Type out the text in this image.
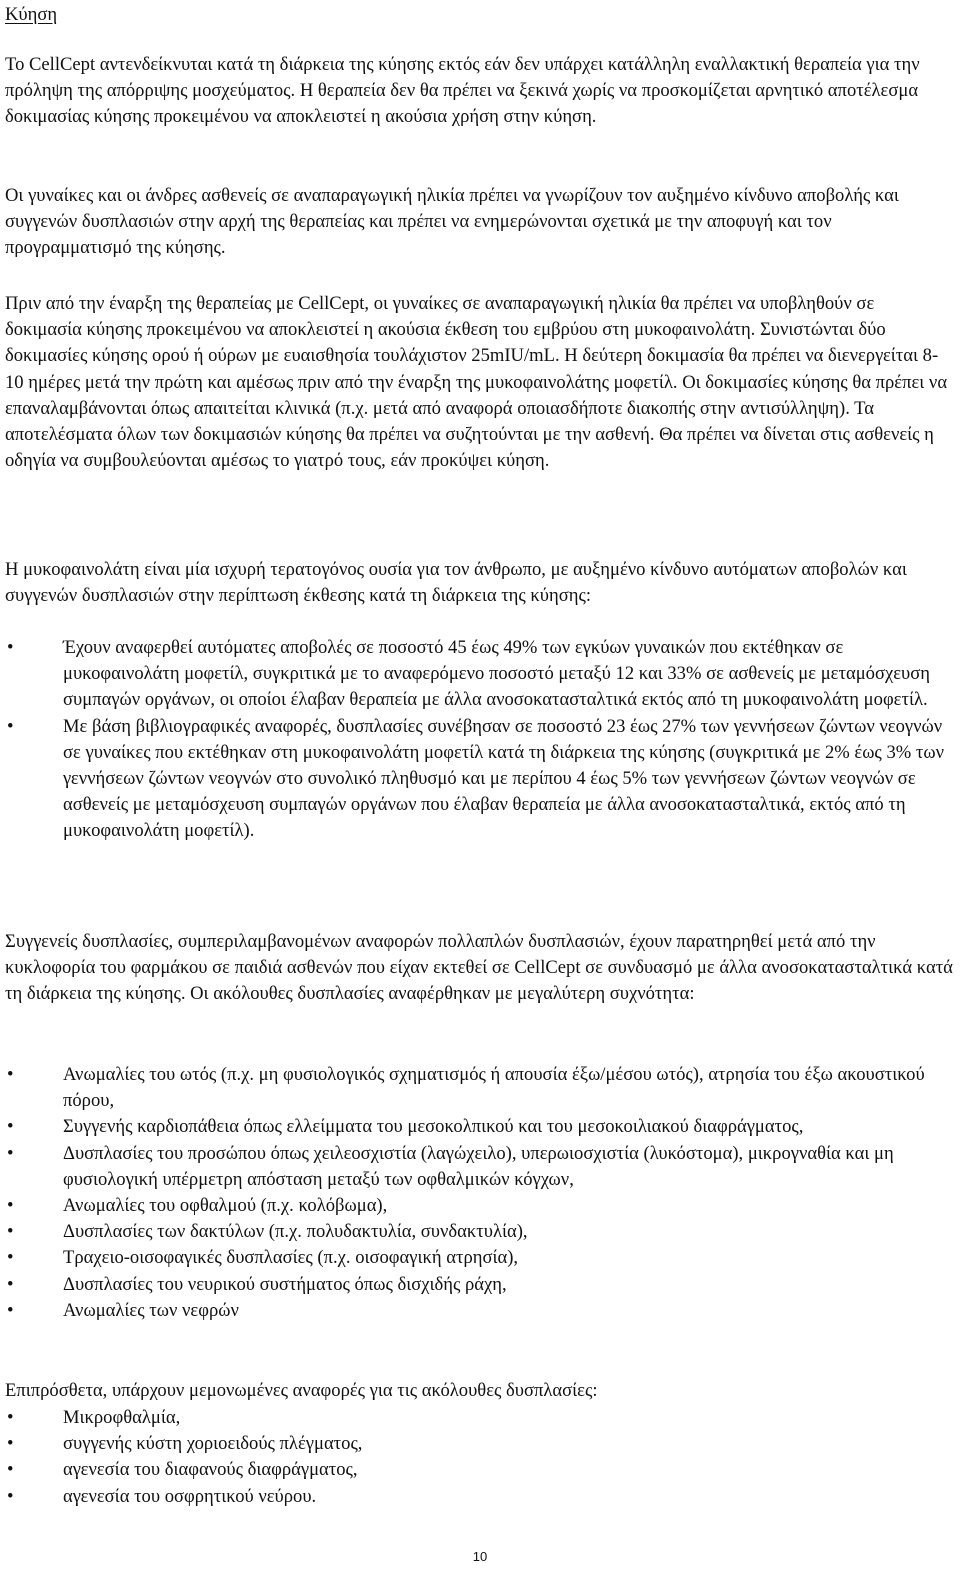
Κύηση

Το CellCept αντενδείκνυται κατά τη διάρκεια της κύησης εκτός εάν δεν υπάρχει κατάλληλη εναλλακτική θεραπεία για την πρόληψη της απόρριψης μοσχεύματος. Η θεραπεία δεν θα πρέπει να ξεκινά χωρίς να προσκομίζεται αρνητικό αποτέλεσμα δοκιμασίας κύησης προκειμένου να αποκλειστεί η ακούσια χρήση στην κύηση.

Οι γυναίκες και οι άνδρες ασθενείς σε αναπαραγωγική ηλικία πρέπει να γνωρίζουν τον αυξημένο κίνδυνο αποβολής και συγγενών δυσπλασιών στην αρχή της θεραπείας και πρέπει να ενημερώνονται σχετικά με την αποφυγή και τον προγραμματισμό της κύησης.

Πριν από την έναρξη της θεραπείας με CellCept, οι γυναίκες σε αναπαραγωγική ηλικία θα πρέπει να υποβληθούν σε δοκιμασία κύησης προκειμένου να αποκλειστεί η ακούσια έκθεση του εμβρύου στη μυκοφαινολάτη. Συνιστώνται δύο δοκιμασίες κύησης ορού ή ούρων με ευαισθησία τουλάχιστον 25mIU/mL. Η δεύτερη δοκιμασία θα πρέπει να διενεργείται 8-10 ημέρες μετά την πρώτη και αμέσως πριν από την έναρξη της μυκοφαινολάτης μοφετίλ. Οι δοκιμασίες κύησης θα πρέπει να επαναλαμβάνονται όπως απαιτείται κλινικά (π.χ. μετά από αναφορά οποιασδήποτε διακοπής στην αντισύλληψη). Τα αποτελέσματα όλων των δοκιμασιών κύησης θα πρέπει να συζητούνται με την ασθενή. Θα πρέπει να δίνεται στις ασθενείς η οδηγία να συμβουλεύονται αμέσως το γιατρό τους, εάν προκύψει κύηση.

Η μυκοφαινολάτη είναι μία ισχυρή τερατογόνος ουσία για τον άνθρωπο, με αυξημένο κίνδυνο αυτόματων αποβολών και συγγενών δυσπλασιών στην περίπτωση έκθεσης κατά τη διάρκεια της κύησης:

•	Έχουν αναφερθεί αυτόματες αποβολές σε ποσοστό 45 έως 49% των εγκύων γυναικών που εκτέθηκαν σε μυκοφαινολάτη μοφετίλ, συγκριτικά με το αναφερόμενο ποσοστό μεταξύ 12 και 33% σε ασθενείς με μεταμόσχευση συμπαγών οργάνων, οι οποίοι έλαβαν θεραπεία με άλλα ανοσοκατασταλτικά εκτός από τη μυκοφαινολάτη μοφετίλ.
•	Με βάση βιβλιογραφικές αναφορές, δυσπλασίες συνέβησαν σε ποσοστό 23 έως 27% των γεννήσεων ζώντων νεογνών σε γυναίκες που εκτέθηκαν στη μυκοφαινολάτη μοφετίλ κατά τη διάρκεια της κύησης (συγκριτικά με 2% έως 3% των γεννήσεων ζώντων νεογνών στο συνολικό πληθυσμό και με περίπου 4 έως 5% των γεννήσεων ζώντων νεογνών σε ασθενείς με μεταμόσχευση συμπαγών οργάνων που έλαβαν θεραπεία με άλλα ανοσοκατασταλτικά, εκτός από τη μυκοφαινολάτη μοφετίλ).

Συγγενείς δυσπλασίες, συμπεριλαμβανομένων αναφορών πολλαπλών δυσπλασιών, έχουν παρατηρηθεί μετά από την κυκλοφορία του φαρμάκου σε παιδιά ασθενών που είχαν εκτεθεί σε CellCept σε συνδυασμό με άλλα ανοσοκατασταλτικά κατά τη διάρκεια της κύησης. Οι ακόλουθες δυσπλασίες αναφέρθηκαν με μεγαλύτερη συχνότητα:

•	Ανωμαλίες του ωτός (π.χ. μη φυσιολογικός σχηματισμός ή απουσία έξω/μέσου ωτός), ατρησία του έξω ακουστικού πόρου,
•	Συγγενής καρδιοπάθεια όπως ελλείμματα του μεσοκολπικού και του μεσοκοιλιακού διαφράγματος,
•	Δυσπλασίες του προσώπου όπως χειλεοσχιστία (λαγώχειλο), υπερωιοσχιστία (λυκόστομα), μικρογναθία και μη φυσιολογική υπέρμετρη απόσταση μεταξύ των οφθαλμικών κόγχων,
•	Ανωμαλίες του οφθαλμού (π.χ. κολόβωμα),
•	Δυσπλασίες των δακτύλων (π.χ. πολυδακτυλία, συνδακτυλία),
•	Τραχειο-οισοφαγικές δυσπλασίες (π.χ. οισοφαγική ατρησία),
•	Δυσπλασίες του νευρικού συστήματος όπως δισχιδής ράχη,
•	Ανωμαλίες των νεφρών

Επιπρόσθετα, υπάρχουν μεμονωμένες αναφορές για τις ακόλουθες δυσπλασίες:

•	Μικροφθαλμία,
•	συγγενής κύστη χοριοειδούς πλέγματος,
•	αγενεσία του διαφανούς διαφράγματος,
•	αγενεσία του οσφρητικού νεύρου.
10
